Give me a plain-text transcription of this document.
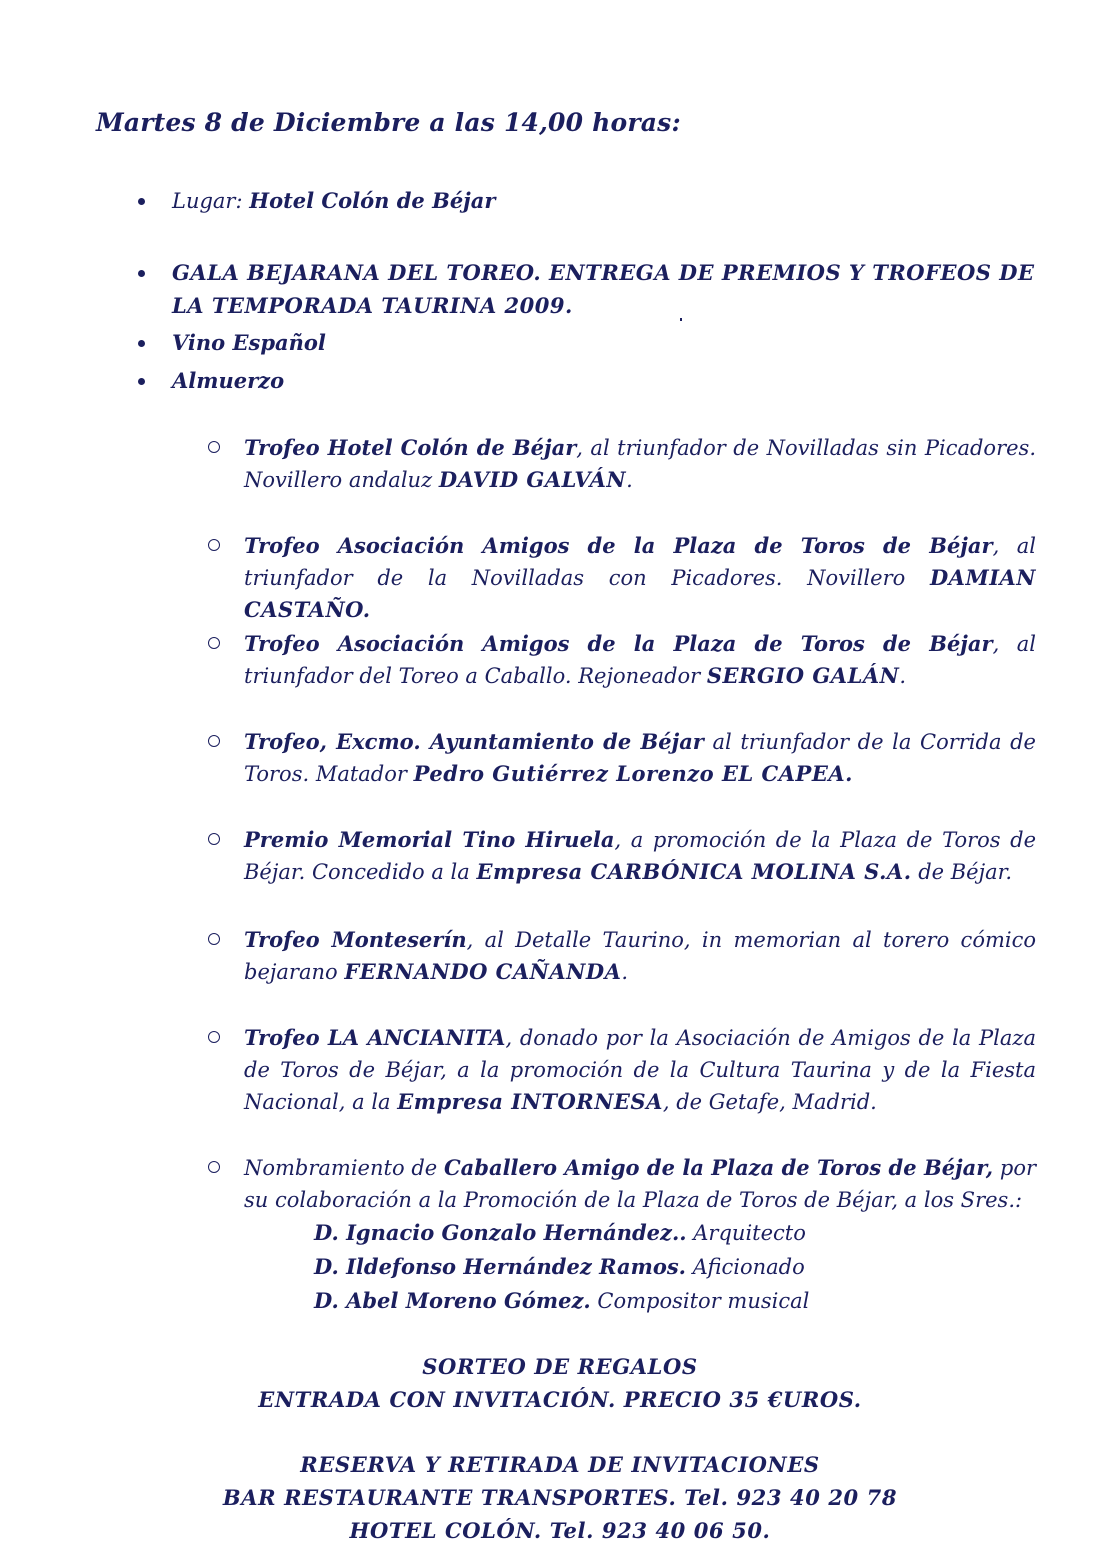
Martes 8 de Diciembre a las 14,00 horas:
Lugar: Hotel Colón de Béjar
GALA BEJARANA DEL TOREO. ENTREGA DE PREMIOS Y TROFEOS DE LA TEMPORADA TAURINA 2009.
Vino Español
Almuerzo
Trofeo Hotel Colón de Béjar, al triunfador de Novilladas sin Picadores. Novillero andaluz DAVID GALVÁN.
Trofeo Asociación Amigos de la Plaza de Toros de Béjar, al triunfador de la Novilladas con Picadores. Novillero DAMIAN CASTAÑO.
Trofeo Asociación Amigos de la Plaza de Toros de Béjar, al triunfador del Toreo a Caballo. Rejoneador SERGIO GALÁN.
Trofeo, Excmo. Ayuntamiento de Béjar al triunfador de la Corrida de Toros. Matador Pedro Gutiérrez Lorenzo EL CAPEA.
Premio Memorial Tino Hiruela, a promoción de la Plaza de Toros de Béjar. Concedido a la Empresa CARBÓNICA MOLINA S.A. de Béjar.
Trofeo Monteserín, al Detalle Taurino, in memorian al torero cómico bejarano FERNANDO CAÑANDA.
Trofeo LA ANCIANITA, donado por la Asociación de Amigos de la Plaza de Toros de Béjar, a la promoción de la Cultura Taurina y de la Fiesta Nacional, a la Empresa INTORNESA, de Getafe, Madrid.
Nombramiento de Caballero Amigo de la Plaza de Toros de Béjar, por su colaboración a la Promoción de la Plaza de Toros de Béjar, a los Sres.:
D. Ignacio Gonzalo Hernández.. Arquitecto
D. Ildefonso Hernández Ramos. Aficionado
D. Abel Moreno Gómez. Compositor musical
SORTEO DE REGALOS
ENTRADA CON INVITACIÓN. PRECIO 35 €UROS.
RESERVA Y RETIRADA DE INVITACIONES
BAR RESTAURANTE TRANSPORTES. Tel. 923 40 20 78
HOTEL COLÓN. Tel. 923 40 06 50.
